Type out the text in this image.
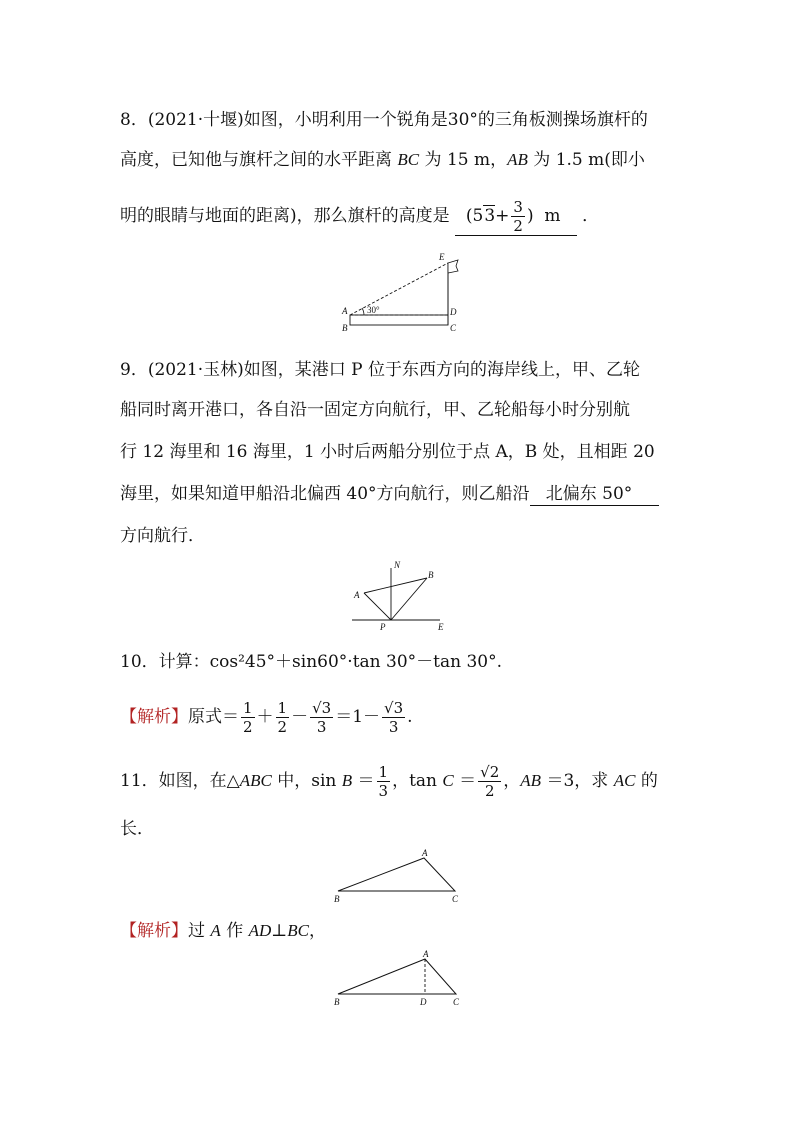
8．(2021·十堰)如图，小明利用一个锐角是30°的三角板测操场旗杆的
高度，已知他与旗杆之间的水平距离 BC 为 15 m，AB 为 1.5 m(即小
明的眼睛与地面的距离)，那么旗杆的高度是 ($53+ \frac{3}{2}$ ) m ．
E
A
B
D
C
30°
9．(2021·玉林)如图，某港口 P 位于东西方向的海岸线上，甲、乙轮
船同时离开港口，各自沿一固定方向航行，甲、乙轮船每小时分别航
行 12 海里和 16 海里，1 小时后两船分别位于点 A，B 处，且相距 20
海里，如果知道甲船沿北偏西 40°方向航行，则乙船沿 北偏东 50°
方向航行．
N
A
B
P	E
10．计算：cos²45°＋sin60°·tan 30°－tan 30°.
【解析】原式＝ $\frac{1}{2} + \frac{1}{2} - \frac{√3}{3} =1- \frac{√3}{3}$ .
11．如图，在△ABC 中，$\sin B = \frac{1}{3}$ ，$\tan C = \frac{√2}{2}$ ，AB ＝3，求 AC 的
长．
A
B	C
【解析】过 A 作 AD⊥BC，
A
B	D	C
